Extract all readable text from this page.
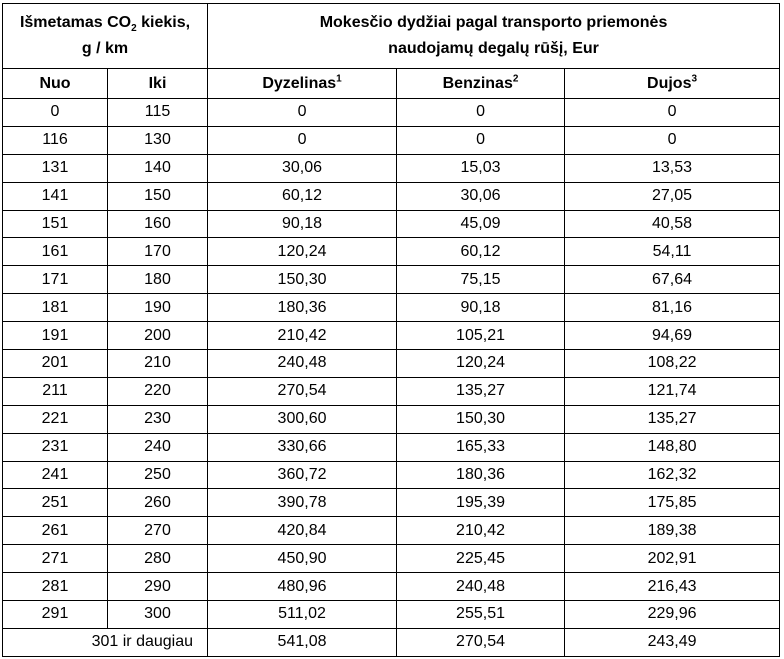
Išmetamas $CO_2$ kiekis,
g / km		Mokesčio dydžiai pagal transporto priemonės
naudojamų degalų rūšį, Eur		

Nuo	Iki	Dyzelinas$^1$	Benzinas$^2$	Dujos$^3$
0	115	0	0	0
116	130	0	0	0
131	140	30,06	15,03	13,53
141	150	60,12	30,06	27,05
151	160	90,18	45,09	40,58
161	170	120,24	60,12	54,11
171	180	150,30	75,15	67,64
181	190	180,36	90,18	81,16
191	200	210,42	105,21	94,69
201	210	240,48	120,24	108,22
211	220	270,54	135,27	121,74
221	230	300,60	150,30	135,27
231	240	330,66	165,33	148,80
241	250	360,72	180,36	162,32
251	260	390,78	195,39	175,85
261	270	420,84	210,42	189,38
271	280	450,90	225,45	202,91
281	290	480,96	240,48	216,43
291	300	511,02	255,51	229,96
301 ir daugiau		541,08	270,54	243,49
